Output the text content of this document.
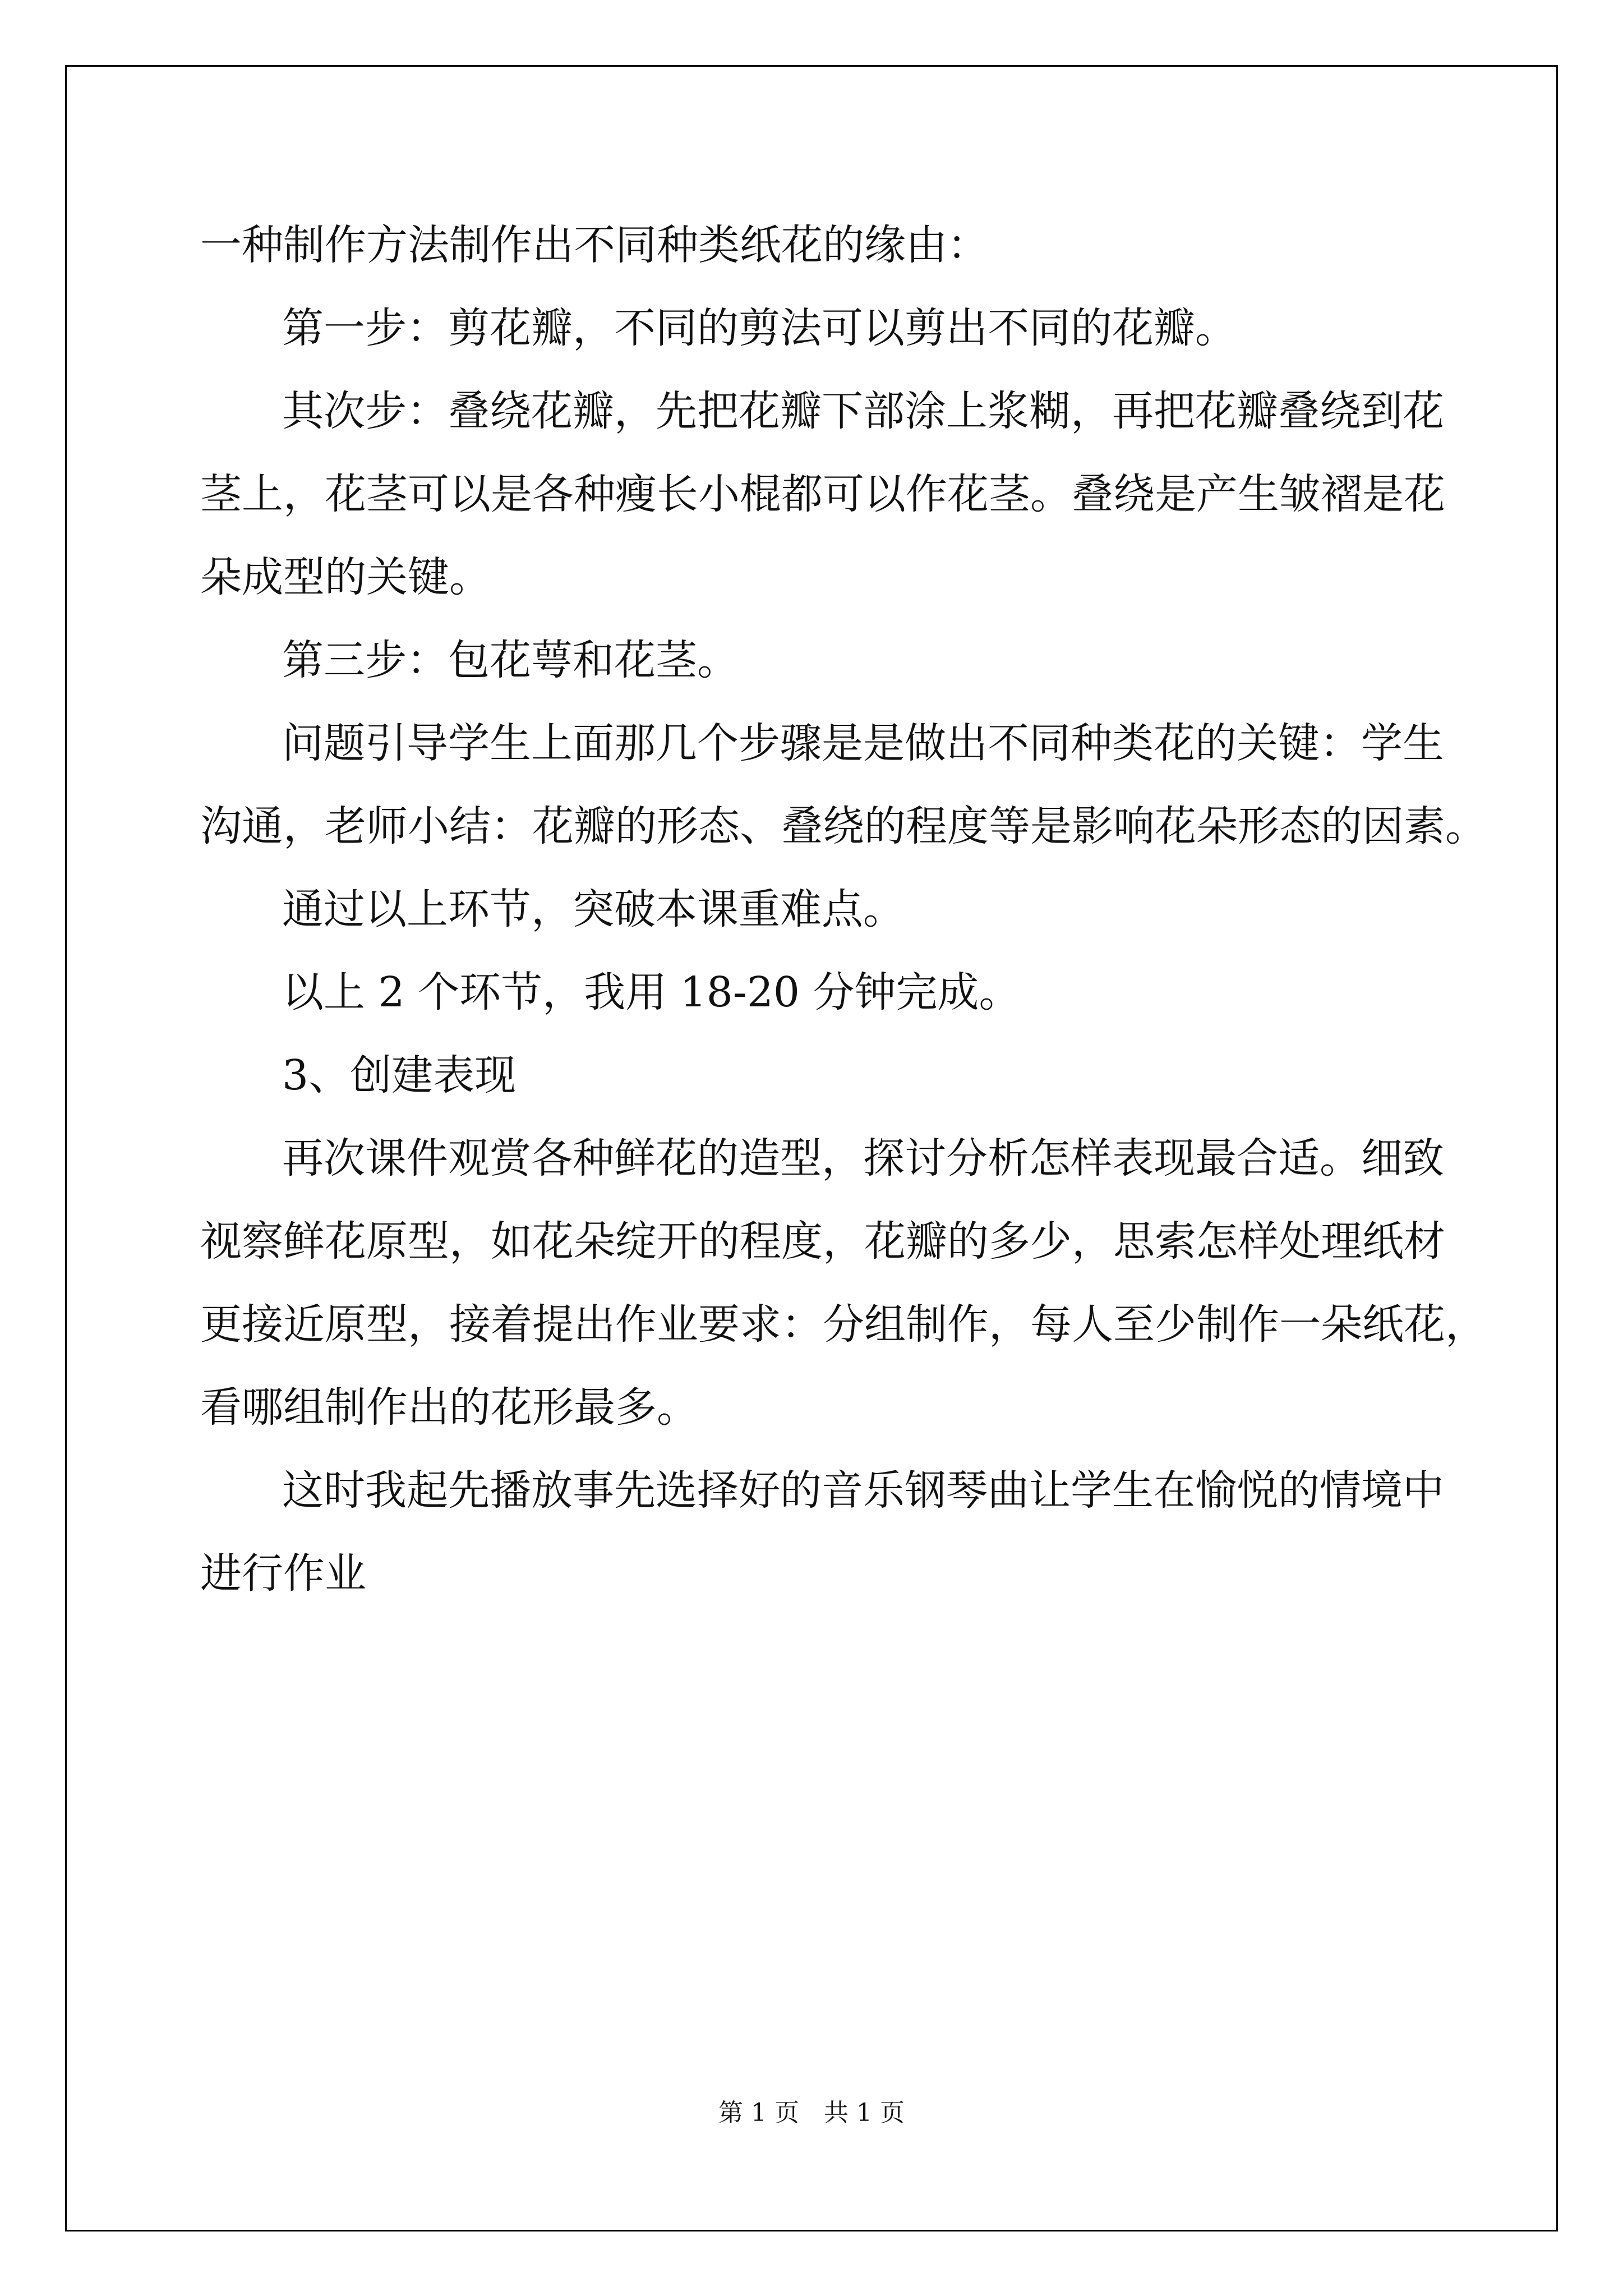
一种制作方法制作出不同种类纸花的缘由：
第一步：剪花瓣，不同的剪法可以剪出不同的花瓣。
其次步：叠绕花瓣，先把花瓣下部涂上浆糊，再把花瓣叠绕到花
茎上，花茎可以是各种瘦长小棍都可以作花茎。叠绕是产生皱褶是花
朵成型的关键。
第三步：包花萼和花茎。
问题引导学生上面那几个步骤是是做出不同种类花的关键：学生
沟通，老师小结：花瓣的形态、叠绕的程度等是影响花朵形态的因素。
通过以上环节，突破本课重难点。
以上 2 个环节，我用 18-20 分钟完成。
3、创建表现
再次课件观赏各种鲜花的造型，探讨分析怎样表现最合适。细致
视察鲜花原型，如花朵绽开的程度，花瓣的多少，思索怎样处理纸材
更接近原型，接着提出作业要求：分组制作，每人至少制作一朵纸花，
看哪组制作出的花形最多。
这时我起先播放事先选择好的音乐钢琴曲让学生在愉悦的情境中
进行作业
第 1 页　共 1 页
